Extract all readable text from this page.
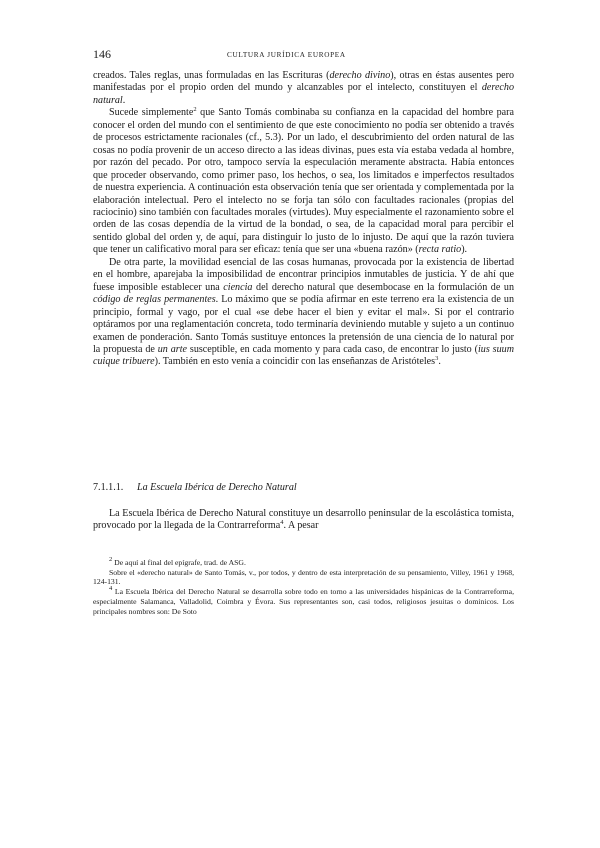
146	CULTURA JURÍDICA EUROPEA

creados. Tales reglas, unas formuladas en las Escrituras (derecho divino), otras en éstas ausentes pero manifestadas por el propio orden del mundo y alcanzables por el intelecto, constituyen el derecho natural.

Sucede simplemente$^2$ que Santo Tomás combinaba su confianza en la capacidad del hombre para conocer el orden del mundo con el sentimiento de que este conocimiento no podía ser obtenido a través de procesos estrictamente racionales (cf., 5.3). Por un lado, el descubrimiento del orden natural de las cosas no podía provenir de un acceso directo a las ideas divinas, pues esta vía estaba vedada al hombre, por razón del pecado. Por otro, tampoco servía la especulación meramente abstracta. Había entonces que proceder observando, como primer paso, los hechos, o sea, los limitados e imperfectos resultados de nuestra experiencia. A continuación esta observación tenía que ser orientada y complementada por la elaboración intelectual. Pero el intelecto no se forja tan sólo con facultades racionales (propias del raciocinio) sino también con facultades morales (virtudes). Muy especialmente el razonamiento sobre el orden de las cosas dependía de la virtud de la bondad, o sea, de la capacidad moral para percibir el sentido global del orden y, de aquí, para distinguir lo justo de lo injusto. De aquí que la razón tuviera que tener un calificativo moral para ser eficaz: tenía que ser una «buena razón» (recta ratio).

De otra parte, la movilidad esencial de las cosas humanas, provocada por la existencia de libertad en el hombre, aparejaba la imposibilidad de encontrar principios inmutables de justicia. Y de ahí que fuese imposible establecer una ciencia del derecho natural que desembocase en la formulación de un código de reglas permanentes. Lo máximo que se podía afirmar en este terreno era la existencia de un principio, formal y vago, por el cual «se debe hacer el bien y evitar el mal». Si por el contrario optáramos por una reglamentación concreta, todo terminaría deviniendo mutable y sujeto a un continuo examen de ponderación. Santo Tomás sustituye entonces la pretensión de una ciencia de lo natural por la propuesta de un arte susceptible, en cada momento y para cada caso, de encontrar lo justo (ius suum cuique tribuere). También en esto venía a coincidir con las enseñanzas de Aristóteles$^3$.

7.1.1.1. La Escuela Ibérica de Derecho Natural

La Escuela Ibérica de Derecho Natural constituye un desarrollo peninsular de la escolástica tomista, provocado por la llegada de la Contrarreforma$^4$. A pesar

$^2$ De aquí al final del epígrafe, trad. de ASG.

Sobre el «derecho natural» de Santo Tomás, v., por todos, y dentro de esta interpretación de su pensamiento, Villey, 1961 y 1968, 124-131.

$^4$ La Escuela Ibérica del Derecho Natural se desarrolla sobre todo en torno a las universidades hispánicas de la Contrarreforma, especialmente Salamanca, Valladolid, Coimbra y Évora. Sus representantes son, casi todos, religiosos jesuitas o dominicos. Los principales nombres son: De Soto
